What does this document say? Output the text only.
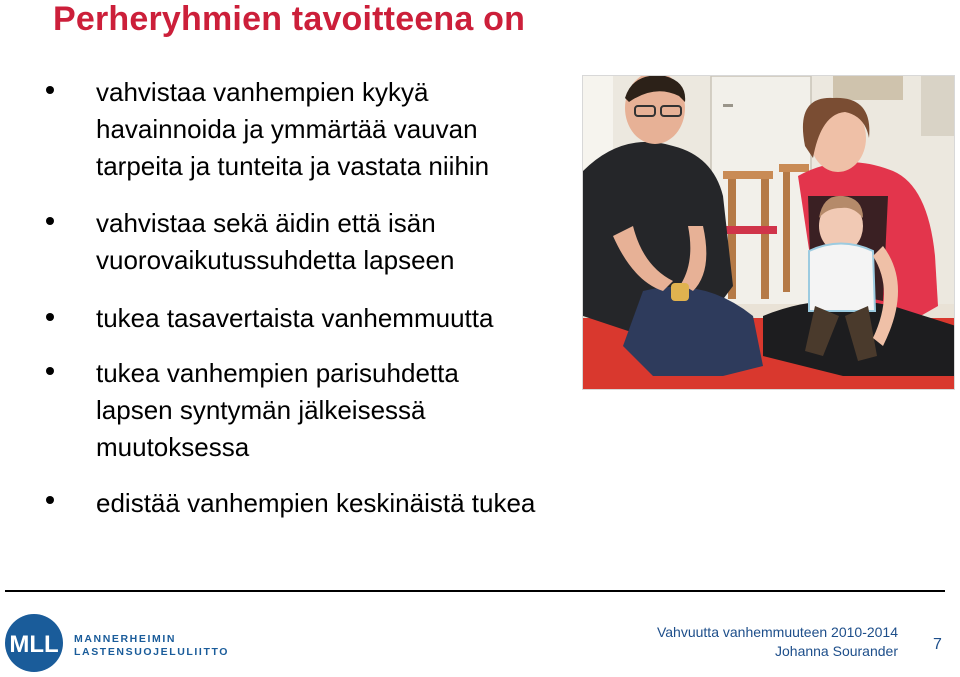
Perheryhmien tavoitteena on
vahvistaa vanhempien kykyä
havainnoida ja ymmärtää vauvan
tarpeita ja tunteita ja vastata niihin
vahvistaa sekä äidin että isän
vuorovaikutussuhdetta lapseen
tukea tasavertaista vanhemmuutta
tukea vanhempien parisuhdetta
lapsen syntymän jälkeisessä
muutoksessa
edistää vanhempien keskinäistä tukea
MLL MANNERHEIMIN
LASTENSUOJELULIITTO
Vahvuutta vanhemmuuteen 2010-2014
Johanna Sourander 7
